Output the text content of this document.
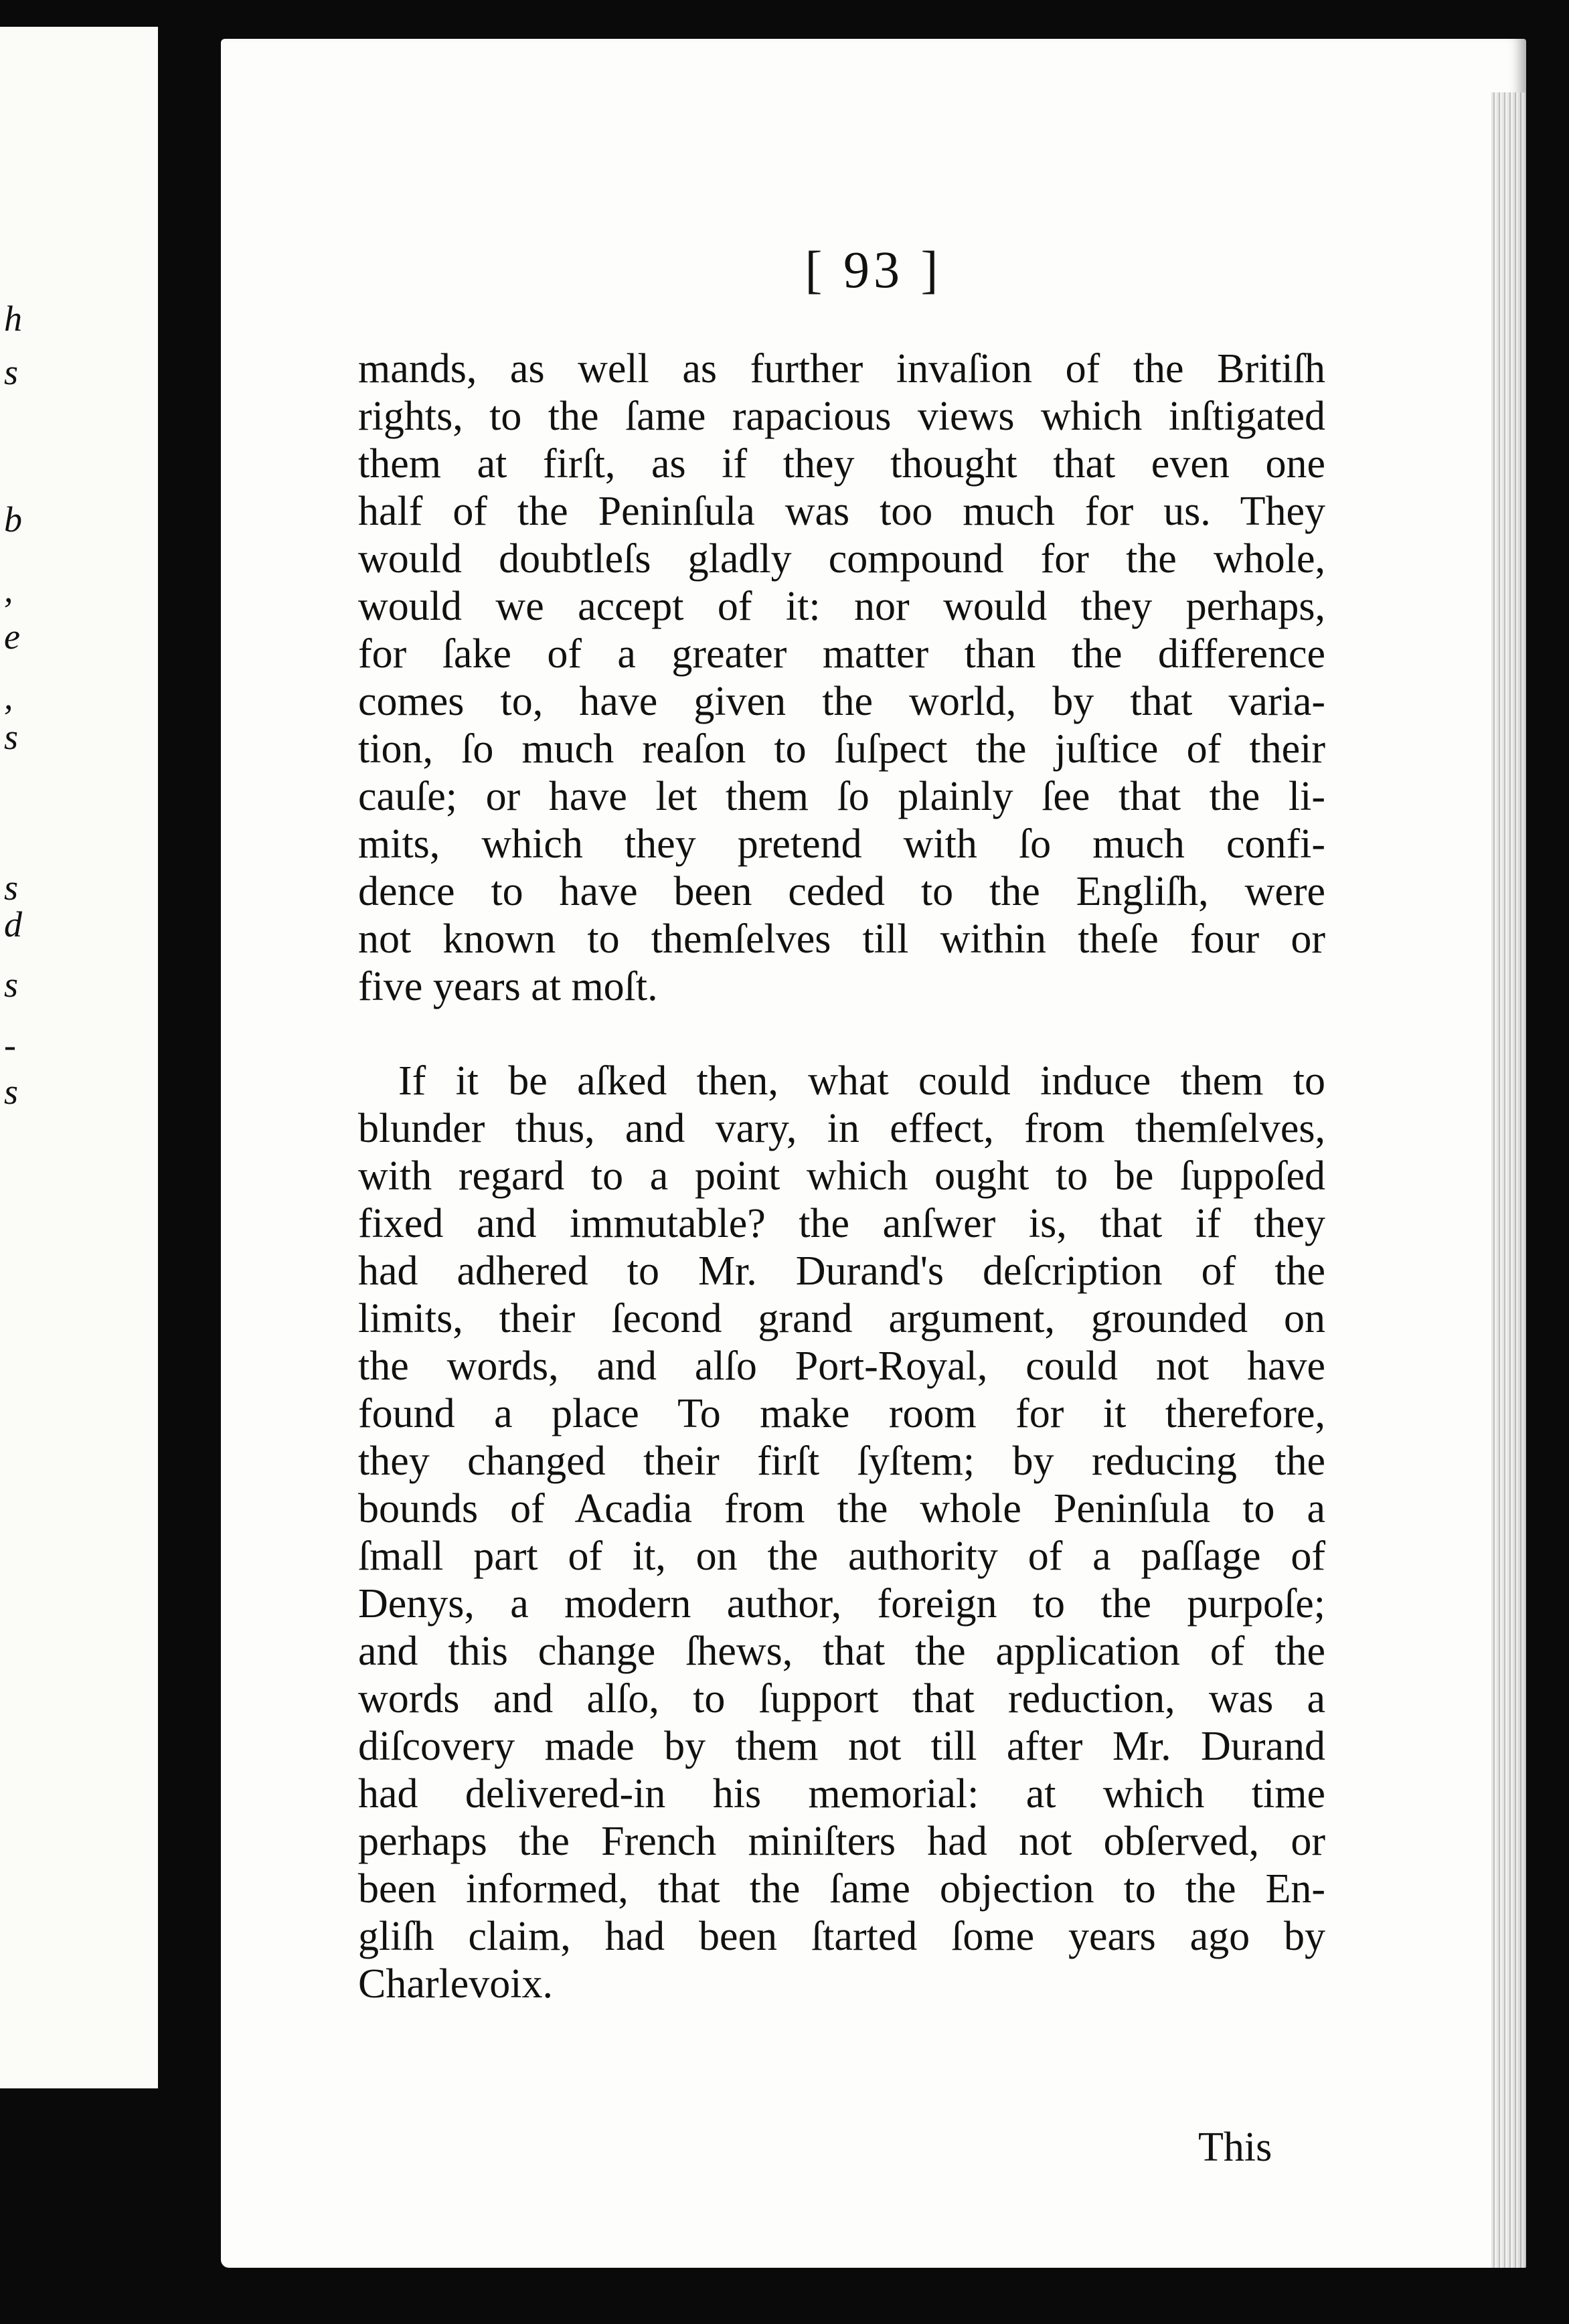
h
s
b
,
e
,
s
s
d
s
-
s
[ 93 ]
mands, as well as further invaſion of the Britiſh
rights, to the ſame rapacious views which inſtigated
them at firſt, as if they thought that even one
half of the Peninſula was too much for us. They
would doubtleſs gladly compound for the whole,
would we accept of it: nor would they perhaps,
for ſake of a greater matter than the difference
comes to, have given the world, by that varia-
tion, ſo much reaſon to ſuſpect the juſtice of their
cauſe; or have let them ſo plainly ſee that the li-
mits, which they pretend with ſo much confi-
dence to have been ceded to the Engliſh, were
not known to themſelves till within theſe four or
five years at moſt.
If it be aſked then, what could induce them to
blunder thus, and vary, in effect, from themſelves,
with regard to a point which ought to be ſuppoſed
fixed and immutable? the anſwer is, that if they
had adhered to Mr. Durand's deſcription of the
limits, their ſecond grand argument, grounded on
the words, and alſo Port-Royal, could not have
found a place To make room for it therefore,
they changed their firſt ſyſtem; by reducing the
bounds of Acadia from the whole Peninſula to a
ſmall part of it, on the authority of a paſſage of
Denys, a modern author, foreign to the purpoſe;
and this change ſhews, that the application of the
words and alſo, to ſupport that reduction, was a
diſcovery made by them not till after Mr. Durand
had delivered-in his memorial: at which time
perhaps the French miniſters had not obſerved, or
been informed, that the ſame objection to the En-
gliſh claim, had been ſtarted ſome years ago by
Charlevoix.
This
